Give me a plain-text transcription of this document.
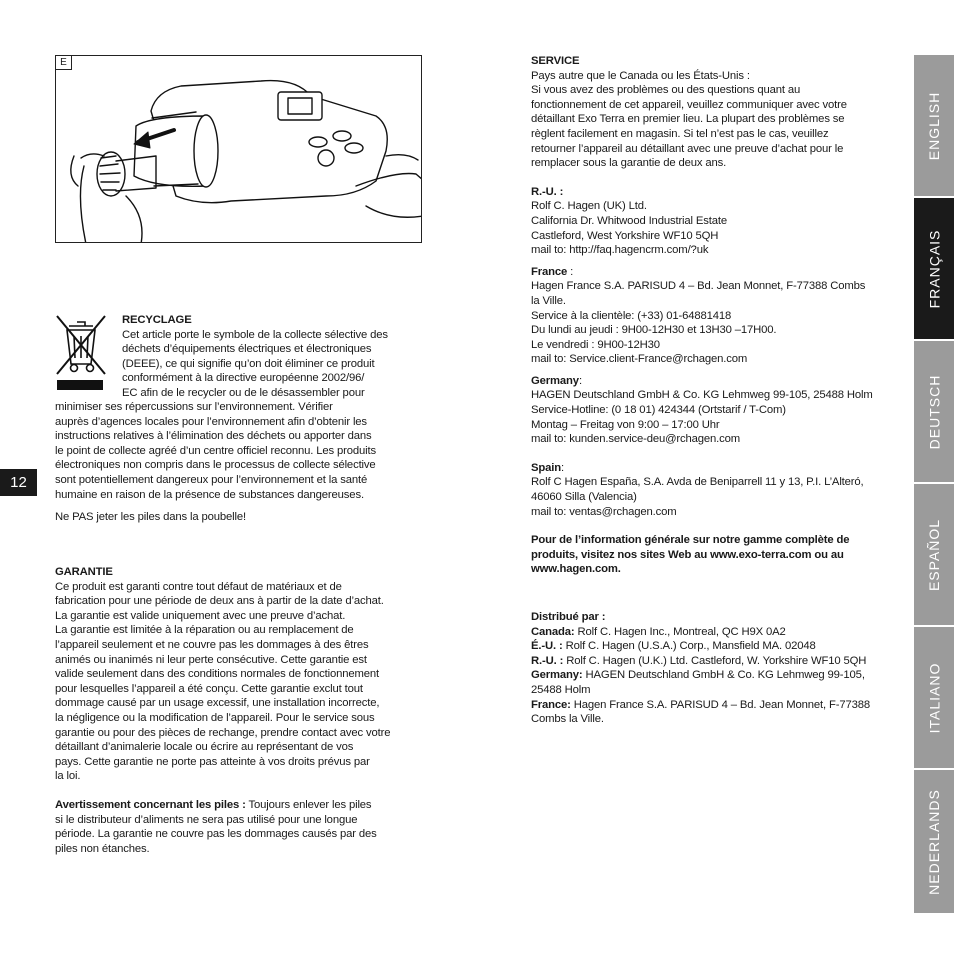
E
12

RECYCLAGE

Cet article porte le symbole de la collecte sélective des

déchets d’équipements électriques et électroniques

(DEEE), ce qui signifie qu’on doit éliminer ce produit

conformément à la directive européenne 2002/96/

EC afin de le recycler ou de le désassembler pour

minimiser ses répercussions sur l’environnement. Vérifier

auprès d’agences locales pour l’environnement afin d’obtenir les

instructions relatives à l’élimination des déchets ou apporter dans

le point de collecte agréé d’un centre officiel reconnu. Les produits

électroniques non compris dans le processus de collecte sélective

sont potentiellement dangereux pour l’environnement et la santé

humaine en raison de la présence de substances dangereuses.

Ne PAS jeter les piles dans la poubelle!

GARANTIE

Ce produit est garanti contre tout défaut de matériaux et de

fabrication pour une période de deux ans à partir de la date d’achat.

La garantie est valide uniquement avec une preuve d’achat.

La garantie est limitée à la réparation ou au remplacement de

l’appareil seulement et ne couvre pas les dommages à des êtres

animés ou inanimés ni leur perte consécutive. Cette garantie est

valide seulement dans des conditions normales de fonctionnement

pour lesquelles l’appareil a été conçu. Cette garantie exclut tout

dommage causé par un usage excessif, une installation incorrecte,

la négligence ou la modification de l’appareil. Pour le service sous

garantie ou pour des pièces de rechange, prendre contact avec votre

détaillant d’animalerie locale ou écrire au représentant de vos

pays. Cette garantie ne porte pas atteinte à vos droits prévus par

la loi.

Avertissement concernant les piles : Toujours enlever les piles

si le distributeur d’aliments ne sera pas utilisé pour une longue

période. La garantie ne couvre pas les dommages causés par des

piles non étanches.

SERVICE

Pays autre que le Canada ou les États-Unis :

Si vous avez des problèmes ou des questions quant au

fonctionnement de cet appareil, veuillez communiquer avec votre

détaillant Exo Terra en premier lieu. La plupart des problèmes se

règlent facilement en magasin. Si tel n’est pas le cas, veuillez

retourner l’appareil au détaillant avec une preuve d’achat pour le

remplacer sous la garantie de deux ans.

R.-U. :

Rolf C. Hagen (UK) Ltd.

California Dr. Whitwood Industrial Estate

Castleford, West Yorkshire WF10 5QH

mail to: http://faq.hagencrm.com/?uk

France :

Hagen France S.A. PARISUD 4 – Bd. Jean Monnet, F-77388 Combs

la Ville.

Service à la clientèle: (+33) 01-64881418

Du lundi au jeudi : 9H00-12H30 et 13H30 –17H00.

Le vendredi : 9H00-12H30

mail to: Service.client-France@rchagen.com

Germany:

HAGEN Deutschland GmbH & Co. KG Lehmweg 99-105, 25488 Holm

Service-Hotline: (0 18 01) 424344 (Ortstarif / T-Com)

Montag – Freitag von 9:00 – 17:00 Uhr

mail to: kunden.service-deu@rchagen.com

Spain:

Rolf C Hagen España, S.A. Avda de Beniparrell 11 y 13, P.I. L’Alteró,

46060 Silla (Valencia)

mail to: ventas@rchagen.com

Pour de l’information générale sur notre gamme complète de

produits, visitez nos sites Web au www.exo-terra.com ou au

www.hagen.com.

Distribué par :

Canada: Rolf C. Hagen Inc., Montreal, QC H9X 0A2

É.-U. : Rolf C. Hagen (U.S.A.) Corp., Mansfield MA. 02048

R.-U. : Rolf C. Hagen (U.K.) Ltd. Castleford, W. Yorkshire WF10 5QH

Germany: HAGEN Deutschland GmbH & Co. KG Lehmweg 99-105,

25488 Holm

France: Hagen France S.A. PARISUD 4 – Bd. Jean Monnet, F-77388

Combs la Ville.

ENGLISH
FRANÇAIS
DEUTSCH
ESPAÑOL
ITALIANO
NEDERLANDS
